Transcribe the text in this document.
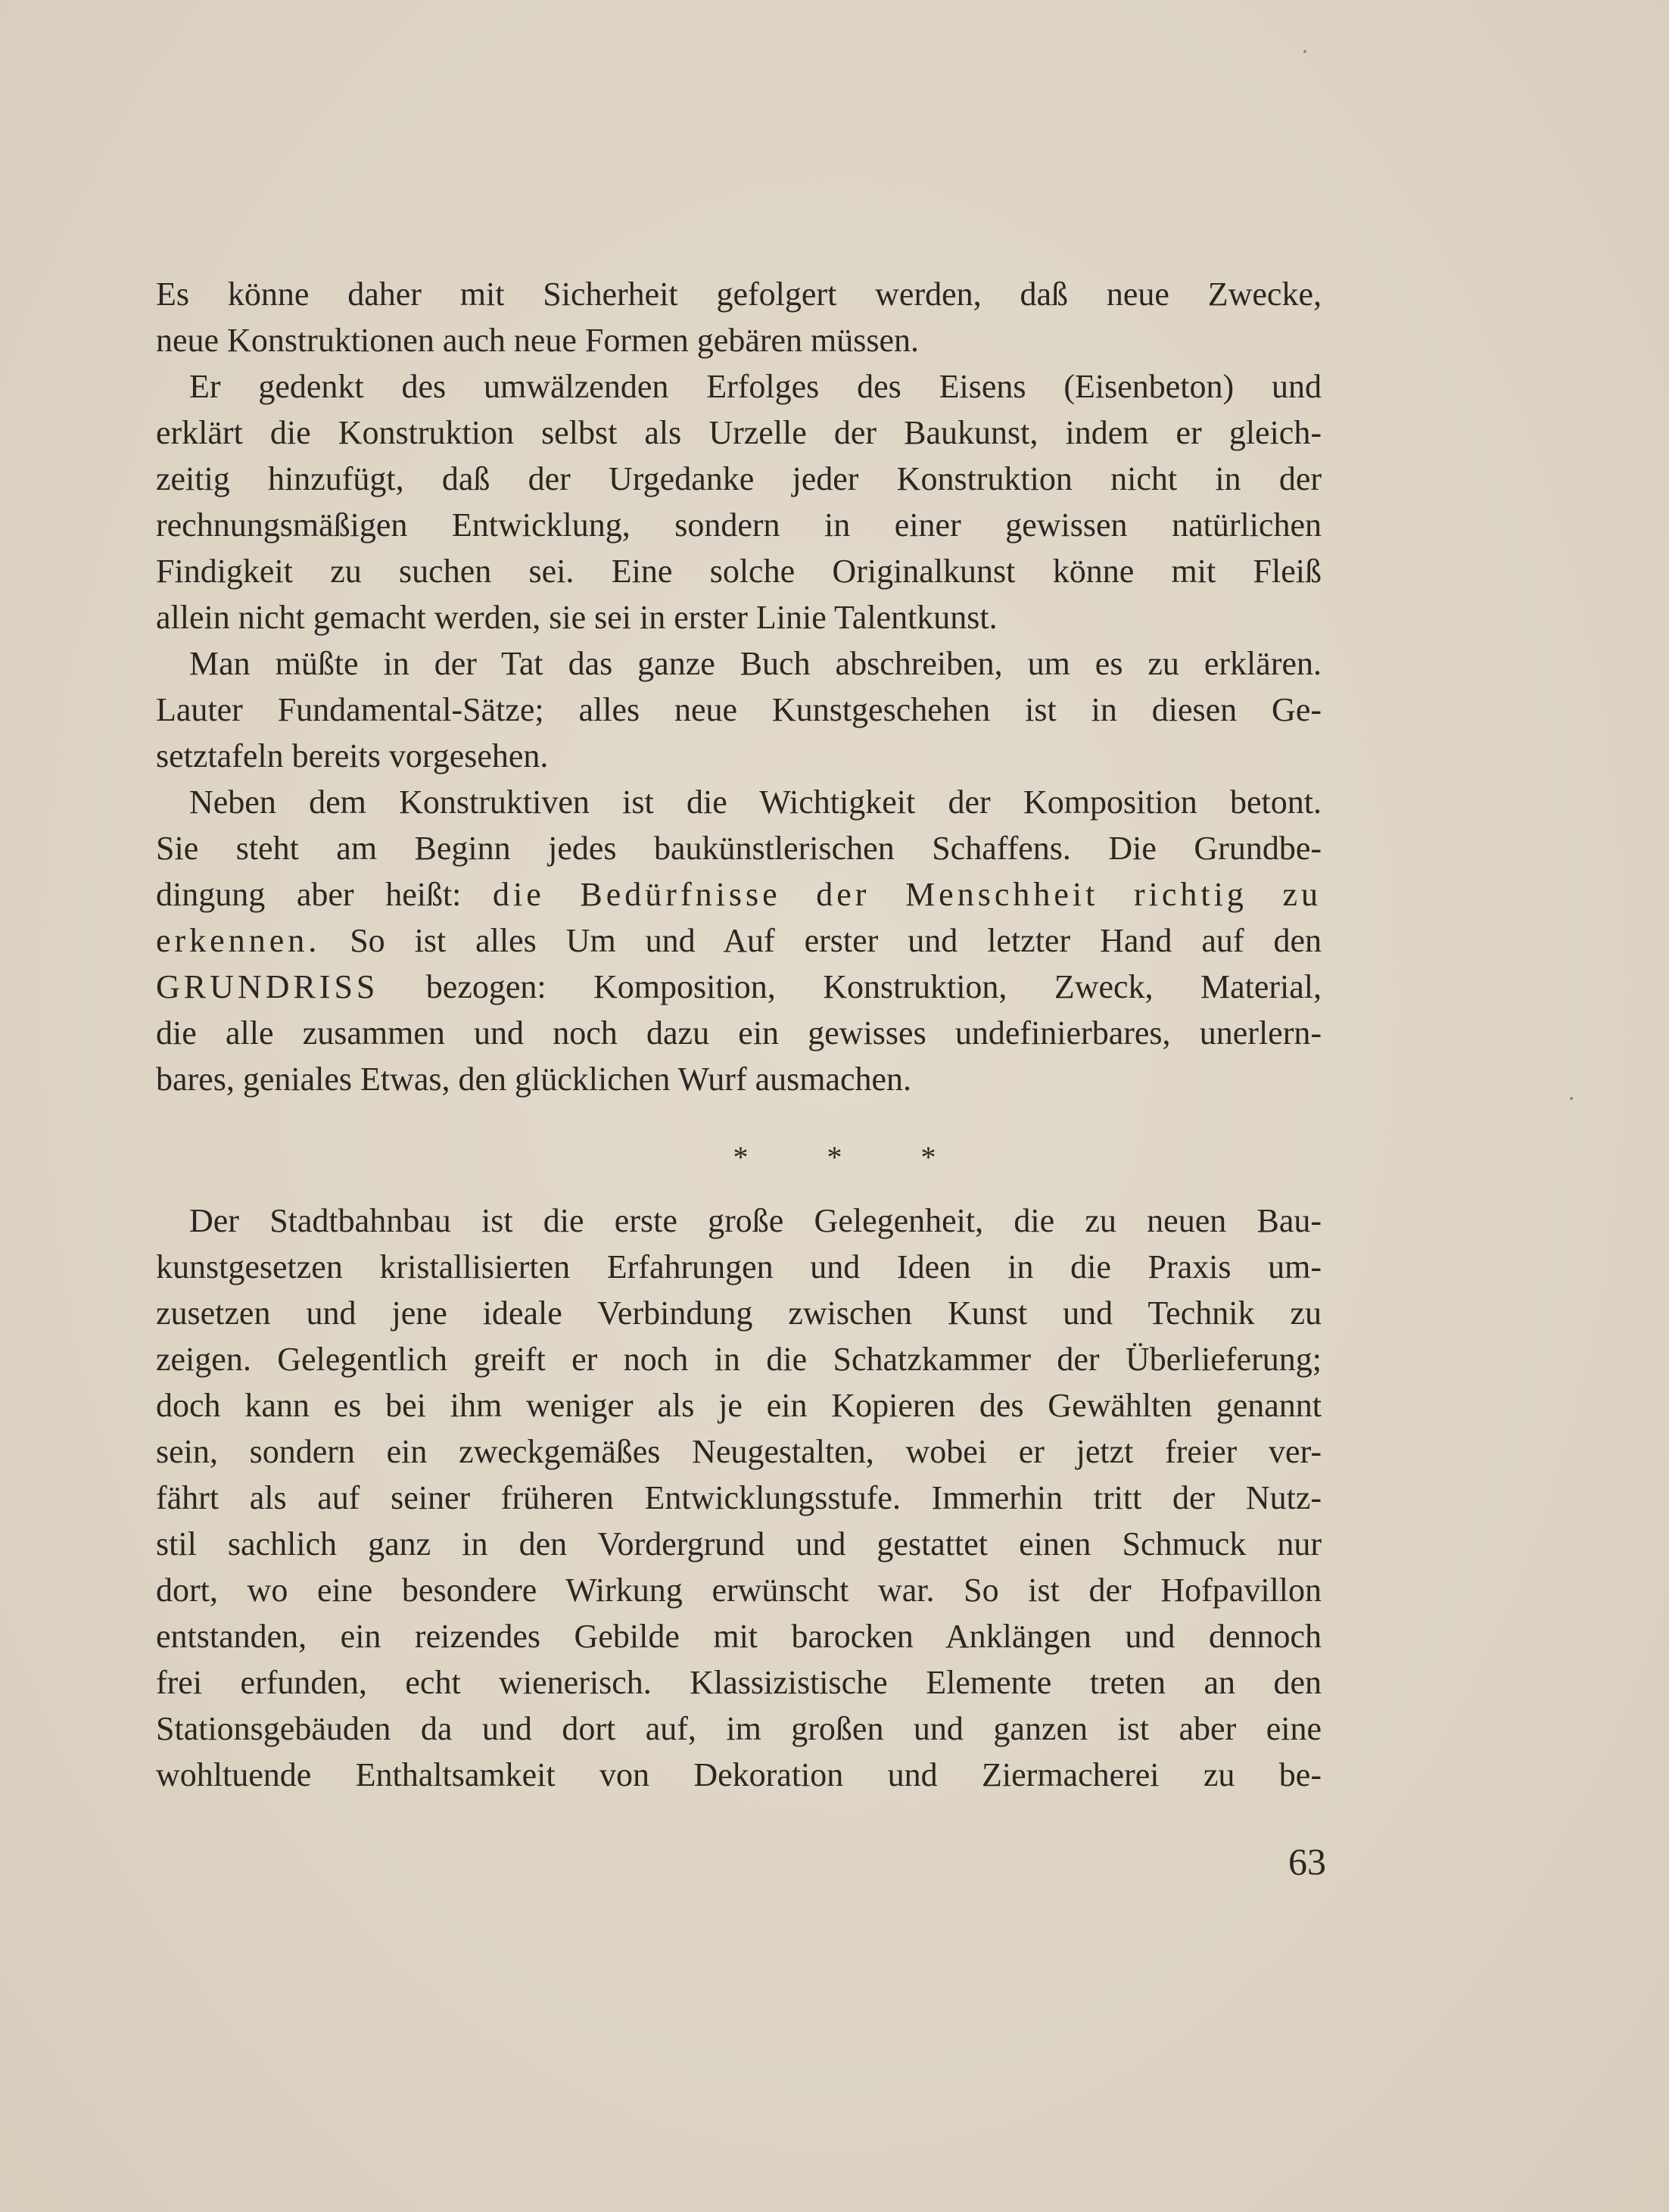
Es könne daher mit Sicherheit gefolgert werden, daß neue Zwecke,
neue Konstruktionen auch neue Formen gebären müssen.
Er gedenkt des umwälzenden Erfolges des Eisens (Eisenbeton) und
erklärt die Konstruktion selbst als Urzelle der Baukunst, indem er gleich-
zeitig hinzufügt, daß der Urgedanke jeder Konstruktion nicht in der
rechnungsmäßigen Entwicklung, sondern in einer gewissen natürlichen
Findigkeit zu suchen sei. Eine solche Originalkunst könne mit Fleiß
allein nicht gemacht werden, sie sei in erster Linie Talentkunst.
Man müßte in der Tat das ganze Buch abschreiben, um es zu erklären.
Lauter Fundamental-Sätze; alles neue Kunstgeschehen ist in diesen Ge-
setztafeln bereits vorgesehen.
Neben dem Konstruktiven ist die Wichtigkeit der Komposition betont.
Sie steht am Beginn jedes baukünstlerischen Schaffens. Die Grundbe-
dingung aber heißt: die Bedürfnisse der Menschheit richtig zu
erkennen. So ist alles Um und Auf erster und letzter Hand auf den
GRUNDRISS bezogen: Komposition, Konstruktion, Zweck, Material,
die alle zusammen und noch dazu ein gewisses undefinierbares, unerlern-
bares, geniales Etwas, den glücklichen Wurf ausmachen.
Der Stadtbahnbau ist die erste große Gelegenheit, die zu neuen Bau-
kunstgesetzen kristallisierten Erfahrungen und Ideen in die Praxis um-
zusetzen und jene ideale Verbindung zwischen Kunst und Technik zu
zeigen. Gelegentlich greift er noch in die Schatzkammer der Überlieferung;
doch kann es bei ihm weniger als je ein Kopieren des Gewählten genannt
sein, sondern ein zweckgemäßes Neugestalten, wobei er jetzt freier ver-
fährt als auf seiner früheren Entwicklungsstufe. Immerhin tritt der Nutz-
stil sachlich ganz in den Vordergrund und gestattet einen Schmuck nur
dort, wo eine besondere Wirkung erwünscht war. So ist der Hofpavillon
entstanden, ein reizendes Gebilde mit barocken Anklängen und dennoch
frei erfunden, echt wienerisch. Klassizistische Elemente treten an den
Stationsgebäuden da und dort auf, im großen und ganzen ist aber eine
wohltuende Enthaltsamkeit von Dekoration und Ziermacherei zu be-
*	*	*
63
